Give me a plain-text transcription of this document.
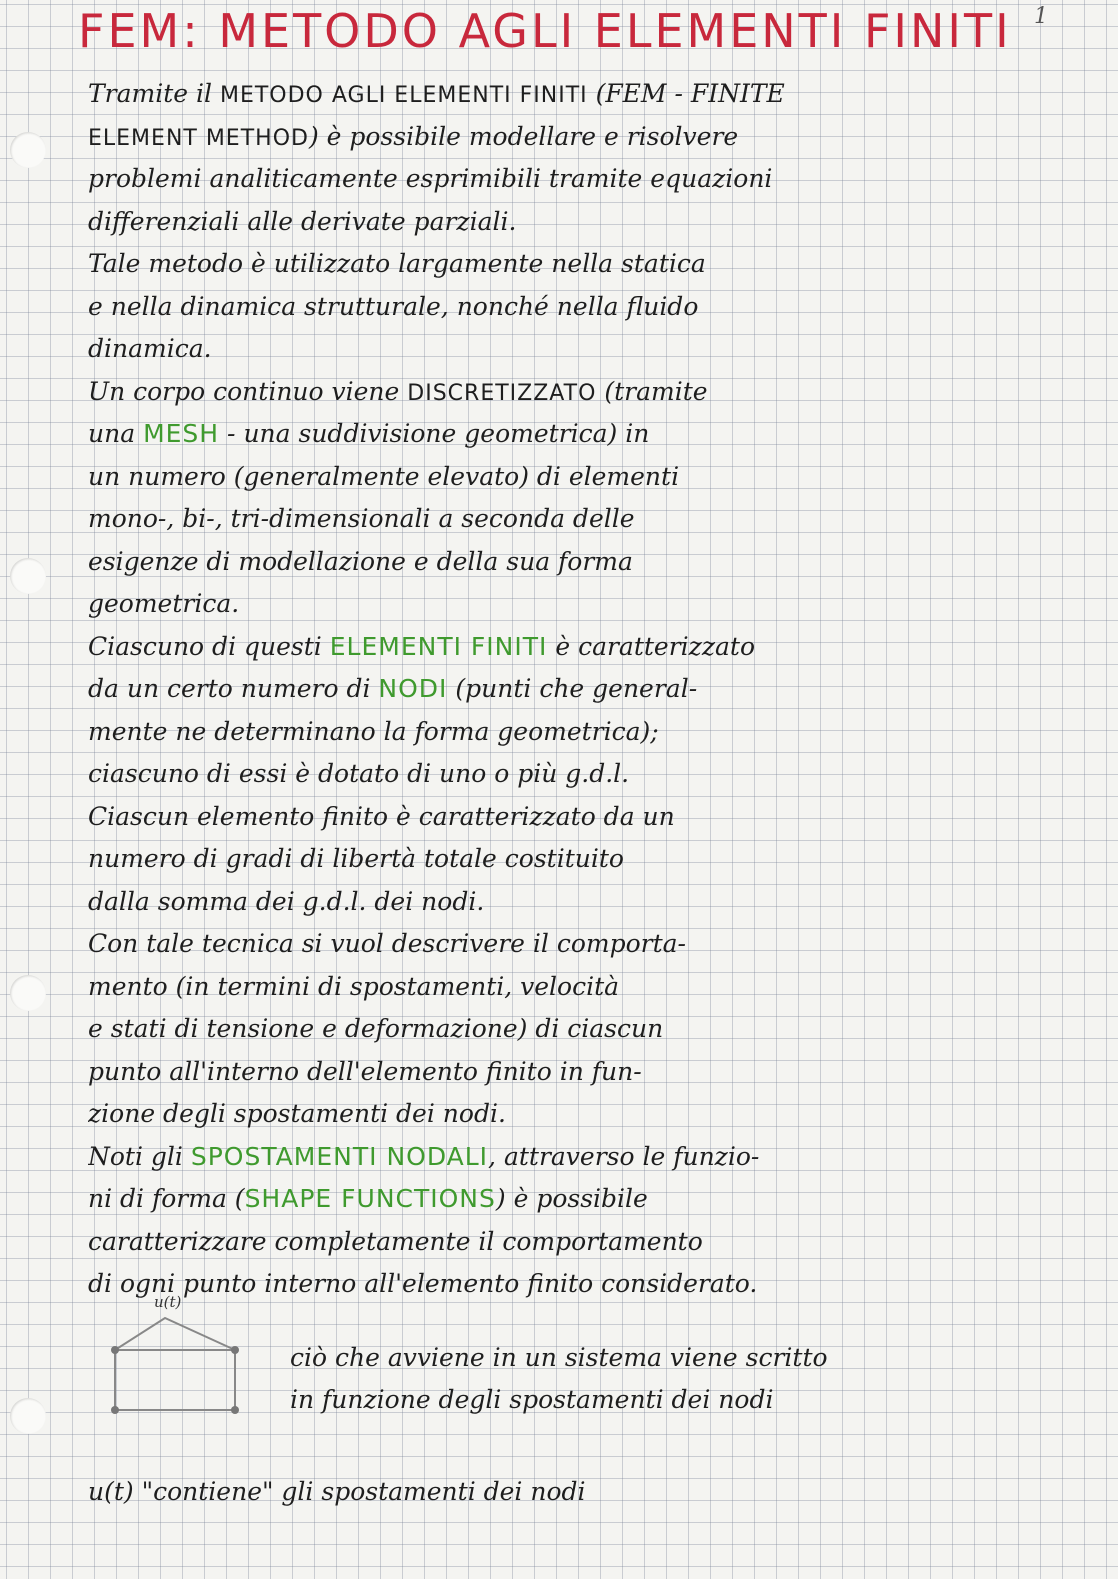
FEM: METODO AGLI ELEMENTI FINITI 1
Tramite il METODO AGLI ELEMENTI FINITI (FEM - FINITE
ELEMENT METHOD) è possibile modellare e risolvere
problemi analiticamente esprimibili tramite equazioni
differenziali alle derivate parziali.
Tale metodo è utilizzato largamente nella statica
e nella dinamica strutturale, nonché nella fluido
dinamica.
Un corpo continuo viene DISCRETIZZATO (tramite
una MESH - una suddivisione geometrica) in
un numero (generalmente elevato) di elementi
mono-, bi-, tri-dimensionali a seconda delle
esigenze di modellazione e della sua forma
geometrica.
Ciascuno di questi ELEMENTI FINITI è caratterizzato
da un certo numero di NODI (punti che general-
mente ne determinano la forma geometrica);
ciascuno di essi è dotato di uno o più g.d.l.
Ciascun elemento finito è caratterizzato da un
numero di gradi di libertà totale costituito
dalla somma dei g.d.l. dei nodi.
Con tale tecnica si vuol descrivere il comporta-
mento (in termini di spostamenti, velocità
e stati di tensione e deformazione) di ciascun
punto all'interno dell'elemento finito in fun-
zione degli spostamenti dei nodi.
Noti gli SPOSTAMENTI NODALI, attraverso le funzio-
ni di forma (SHAPE FUNCTIONS) è possibile
caratterizzare completamente il comportamento
di ogni punto interno all'elemento finito considerato.
u(t)
ciò che avviene in un sistema viene scritto
in funzione degli spostamenti dei nodi
u(t) "contiene" gli spostamenti dei nodi
